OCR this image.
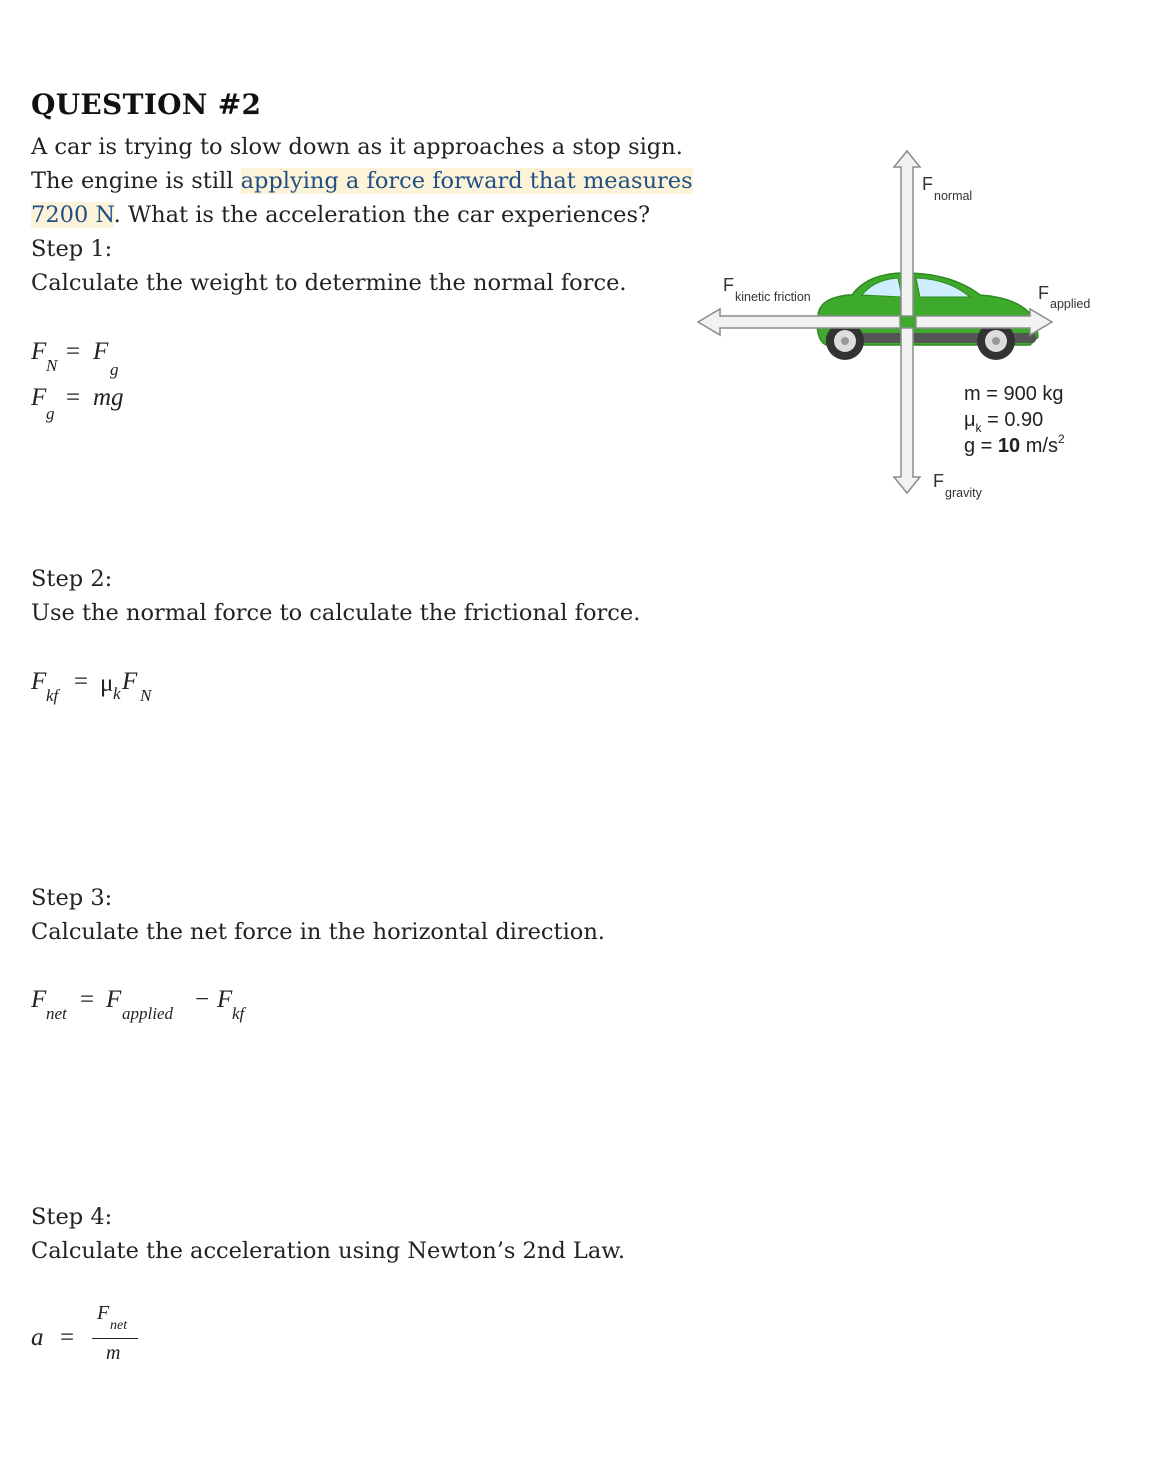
QUESTION #2
A car is trying to slow down as it approaches a stop sign.
The engine is still applying a force forward that measures
7200 N. What is the acceleration the car experiences?
Step 1:
Calculate the weight to determine the normal force.
F
N
= F
g
F
g
= mg
Step 2:
Use the normal force to calculate the frictional force.
F
kf
= μ k F
N
Step 3:
Calculate the net force in the horizontal direction.
F
net
= F
applied
− F
kf
Step 4:
Calculate the acceleration using Newton’s 2nd Law.
a =
F
net
m
F
normal
F
kinetic friction	F
applied
F
gravity
m = 900 kg
$\mu_k = 0.90$
g = 10 $m/s^2$
